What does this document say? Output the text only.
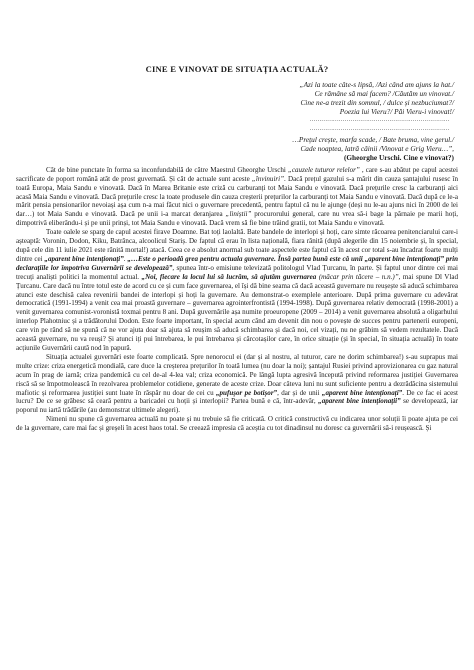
CINE E VINOVAT DE SITUAȚIA ACTUALĂ?
„Azi la toate câte-s lipsă, /Azi când am ajuns la hat./
Ce rămâne să mai facem? /Căutăm un vinovat./
Cine ne-a trezit din somnul, / dulce și nezbuciumat?/
Poezia lui Vieru?/ Păi Vieru-i vinovat!/
………………………………………………………………
………………………………………………………………
…Prețul crește, marfa scade, / Bate bruma, vine gerul./
Cade noaptea, latră câinii /Vinovat e Grig Vieru…”,
(Gheorghe Urschi. Cine e vinovat?)

Cât de bine punctate în forma sa inconfundabilă de către Maestrul Gheorghe Urschi „cauzele tuturor relelor” , care s-au abătut pe capul acestei sacrificate de poport română atât de prost guvernată. Și cât de actuale sunt aceste „învinuiri”. Dacă prețul gazului s-a mărit din cauza șantajului rusesc în toată Europa, Maia Sandu e vinovată. Dacă în Marea Britanie este criză cu carburanți tot Maia Sandu e vinovată. Dacă prețurile cresc la carburanți aici acasă Maia Sandu e vinovată. Dacă prețurile cresc la toate produsele din cauza creșterii prețurilor la carburanți tot Maia Sandu e vinovată. Dacă după ce le-a mărit pensia pensionarilor nevoiași așa cum n-a mai făcut nici o guvernare precedentă, pentru faptul că nu le ajunge (deși nu le-au ajuns nici în 2000 de lei dar…) tot Maia Sandu e vinovată. Dacă pe unii i-a marcat deranjarea „liniștii” procurorului general, care nu vrea să-i bage la pârnaie pe marii hoți, dimpotrivă eliberându-i și pe unii prinși, tot Maia Sandu e vinovată. Dacă vrem să fie bine trăind gratii, tot Maia Sandu e vinovată.

Toate oalele se sparg de capul acestei firave Doamne. Bat toți laolaltă. Bate bandele de interlopi și hoți, care simte răcoarea penitenciarului care-i așteaptă: Voronin, Dodon, Kiku, Batrânca, alcoolicul Stariș. De faptul că erau în lista națională, fiara rănită (după alegerile din 15 noiembrie și, în special, după cele din 11 iulie 2021 este rănită mortal!) atacă. Ceea ce e absolut anormal sub toate aspectele este faptul că în acest cor total s-au încadrat foarte mulți dintre cei „aparent bine intenționați”. „…Este o perioadă grea pentru actuala guvernare. Însă partea bună este că unii „aparent bine intenționați” prin declarațiile lor împotriva Guvernării se developează”, spunea într-o emisiune televizată politologul Vlad Țurcanu, în parte. Și faptul unor dintre cei mai trecuți analiști politici la momentul actual. „Noi, fiecare la locul lui să lucrăm, să ajutăm guvernarea (măcar prin tăcere – n.n.)”, mai spune Dl Vlad Țurcanu. Care dacă nu între totul este de acord cu ce și cum face guvernarea, el își dă bine seama că dacă această guvernare nu reușește să aducă schimbarea atunci este deschisă calea revenirii bandei de interlopi și hoți la guvernare. Au demonstrat-o exemplele anterioare. După prima guvernare cu adevărat democratică (1991-1994) a venit cea mai proastă guvernare – guvernarea agrointerfrontistă (1994-1998). După guvernarea relativ democrată (1998-2001) a venit guvernarea comunist-voronistă toxmai pentru 8 ani. După guvernările așa numite proeuropene (2009 – 2014) a venit guvernarea absolută a oligarhului interlop Plahotniuc și a trădătorului Dodon. Este foarte important, în special acum când am devenit din nou o povește de succes pentru partenerii europeni, care vin pe rând să ne spună că ne vor ajuta doar să ajuta să reușim să aducă schimbarea și dacă noi, cel vizați, nu ne grăbim să vedem rezultatele. Dacă această guvernare, nu va reuși? Și atunci iți pui întrebarea, le pui întrebarea și cârcotașilor care, în orice situație (și în special, în situația actuală) în toate acțiunile Guvernării caută nod în papură.

Situația actualei guvernări este foarte complicată. Spre nenorocul ei (dar și al nostru, al tuturor, care ne dorim schimbarea!) s-au suprapus mai multe crize: criza energetică mondială, care duce la creșterea prețurilor în toată lumea (nu doar la noi); șantajul Rusiei privind aprovizionarea cu gaz natural acum în prag de iarnă; criza pandemică cu cel de-al 4-lea val; criza economică. Pe lângă lupta agresivă începută privind reformarea justiției Guvernarea riscă să se împotmolească în rezolvarea problemelor cotidiene, generate de aceste crize. Doar câteva luni nu sunt suficiente pentru a dezrădăcina sistemului mafiotic și reformarea justiției sunt luate în răspăr nu doar de cei cu „pufușor pe botișor”, dar și de unii „aparent bine intenționați”. De ce fac ei acest lucru? De ce se grăbesc să ceară pentru a baricadei cu hoții și interlopii? Partea bună e că, într-adevăr, „aparent bine intenționații” se developează, iar poporul nu iartă trădările (au demonstrat ultimele alegeri).

Nimeni nu spune că guvernarea actuală nu poate și nu trebuie să fie criticată. O critică constructivă cu indicarea unor soluții îi poate ajuta pe cei de la guvernare, care mai fac și greșeli în acest haos total. Se creează impresia că aceștia cu tot dinadinsul nu doresc ca guvernării să-i reușească. Și
